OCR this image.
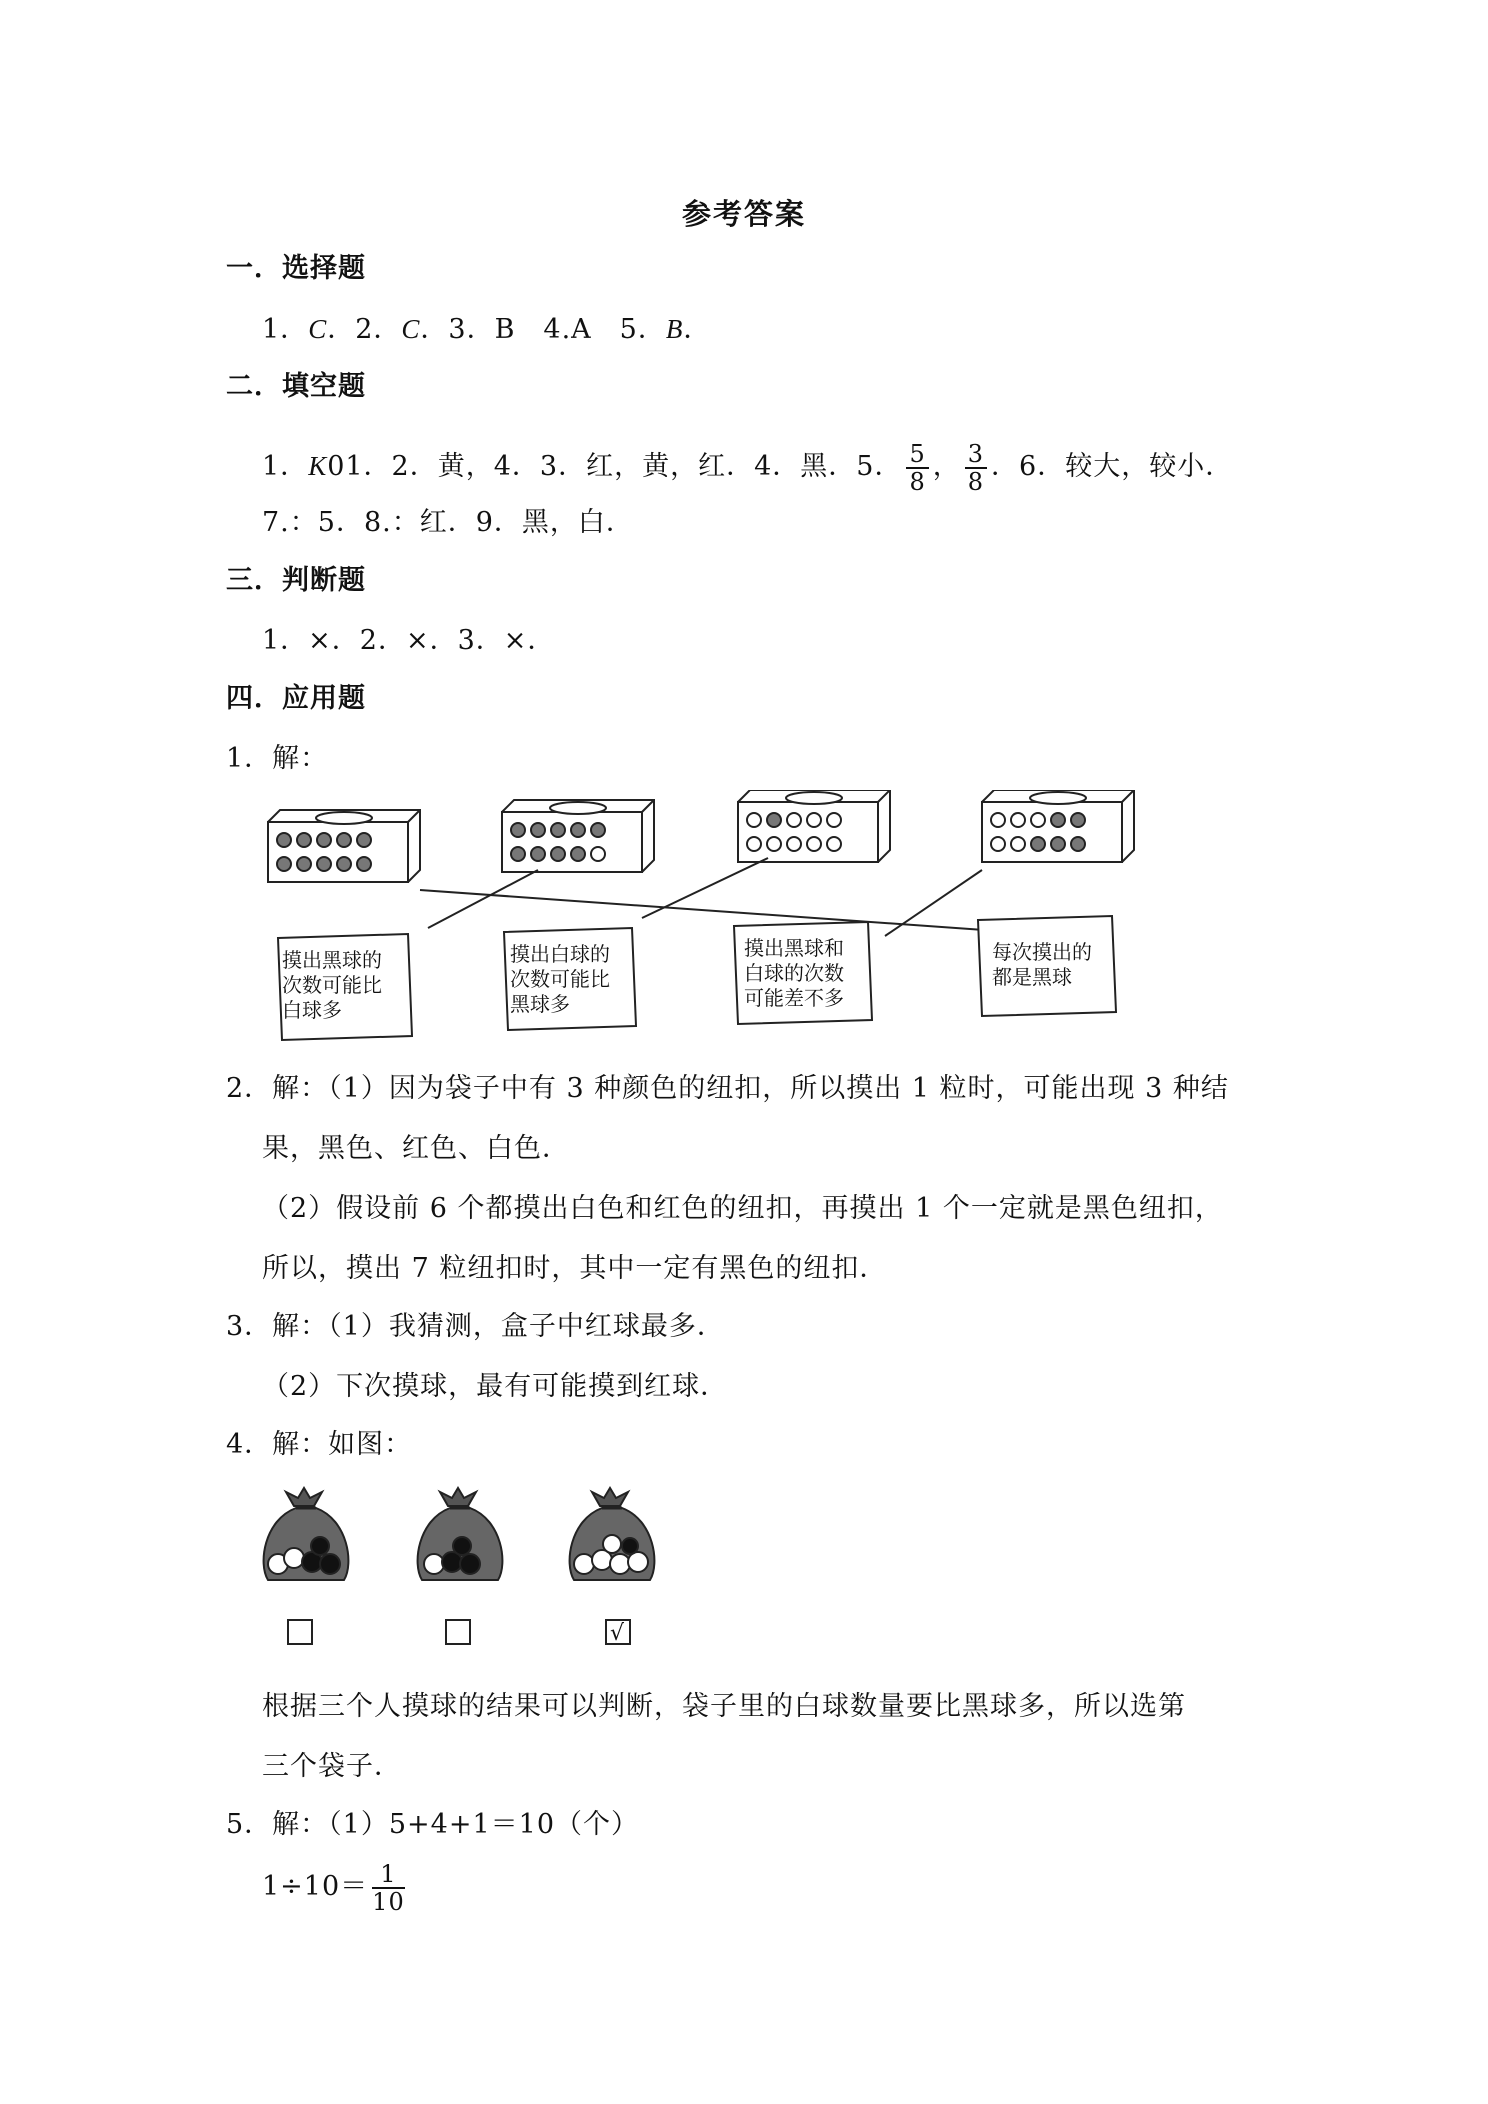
参考答案
一．选择题
1．C．2．C．3．B　4.A　5．B．
二．填空题
1．K01．2．黄，4．3．红，黄，红．4．黑．5． $\frac{5}{8}$ ， $\frac{3}{8}$ ．6．较大，较小．
7.：5．8.：红．9．黑，白．
三．判断题
1．×．2．×．3．×．
四．应用题
1．解：
摸出黑球的
次数可能比
白球多
摸出白球的
次数可能比
黑球多
摸出黑球和
白球的次数
可能差不多
每次摸出的
都是黑球
2．解：（1）因为袋子中有 3 种颜色的纽扣，所以摸出 1 粒时，可能出现 3 种结
果，黑色、红色、白色．
（2）假设前 6 个都摸出白色和红色的纽扣，再摸出 1 个一定就是黑色纽扣，
所以，摸出 7 粒纽扣时，其中一定有黑色的纽扣．
3．解：（1）我猜测，盒子中红球最多．
（2）下次摸球，最有可能摸到红球．
4．解：如图：
√
根据三个人摸球的结果可以判断，袋子里的白球数量要比黑球多，所以选第
三个袋子．
5．解：（1）5+4+1＝10（个）
$1\div 10= \frac{1}{10}$
